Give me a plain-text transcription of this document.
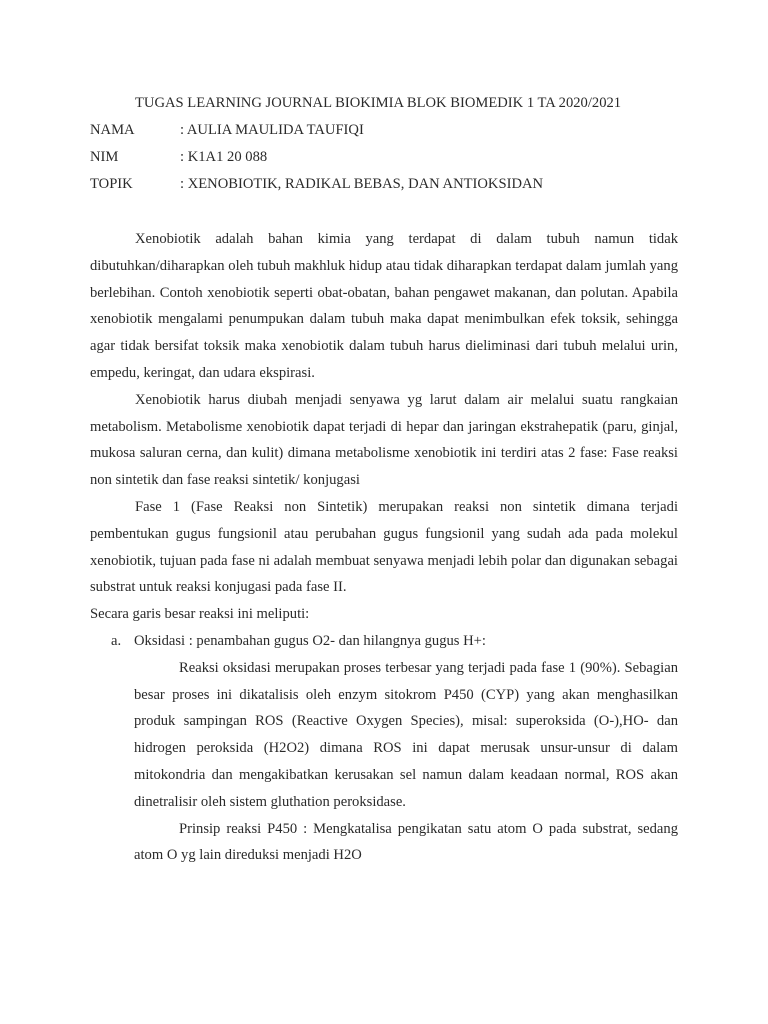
TUGAS LEARNING JOURNAL BIOKIMIA BLOK BIOMEDIK 1 TA 2020/2021
NAMA	: AULIA MAULIDA TAUFIQI
NIM	: K1A1 20 088
TOPIK	: XENOBIOTIK, RADIKAL BEBAS, DAN ANTIOKSIDAN

Xenobiotik adalah bahan kimia yang terdapat di dalam tubuh namun tidak dibutuhkan/diharapkan oleh tubuh makhluk hidup atau tidak diharapkan terdapat dalam jumlah yang berlebihan. Contoh xenobiotik seperti obat-obatan, bahan pengawet makanan, dan polutan. Apabila xenobiotik mengalami penumpukan dalam tubuh maka dapat menimbulkan efek toksik, sehingga agar tidak bersifat toksik maka xenobiotik dalam tubuh harus dieliminasi dari tubuh melalui urin, empedu, keringat, dan udara ekspirasi.

Xenobiotik harus diubah menjadi senyawa yg larut dalam air melalui suatu rangkaian metabolism. Metabolisme xenobiotik dapat terjadi di hepar dan jaringan ekstrahepatik (paru, ginjal, mukosa saluran cerna, dan kulit) dimana metabolisme xenobiotik ini terdiri atas 2 fase: Fase reaksi non sintetik dan fase reaksi sintetik/ konjugasi

Fase 1 (Fase Reaksi non Sintetik) merupakan reaksi non sintetik dimana terjadi pembentukan gugus fungsionil atau perubahan gugus fungsionil yang sudah ada pada molekul xenobiotik, tujuan pada fase ni adalah membuat senyawa menjadi lebih polar dan digunakan sebagai substrat untuk reaksi konjugasi pada fase II.

Secara garis besar reaksi ini meliputi:

a. Oksidasi : penambahan gugus O2- dan hilangnya gugus H+:

Reaksi oksidasi merupakan proses terbesar yang terjadi pada fase 1 (90%). Sebagian besar proses ini dikatalisis oleh enzym sitokrom P450 (CYP) yang akan menghasilkan produk sampingan ROS (Reactive Oxygen Species), misal: superoksida (O-),HO- dan hidrogen peroksida (H2O2) dimana ROS ini dapat merusak unsur-unsur di dalam mitokondria dan mengakibatkan kerusakan sel namun dalam keadaan normal, ROS akan dinetralisir oleh sistem gluthation peroksidase.

Prinsip reaksi P450 : Mengkatalisa pengikatan satu atom O pada substrat, sedang atom O yg lain direduksi menjadi H2O
